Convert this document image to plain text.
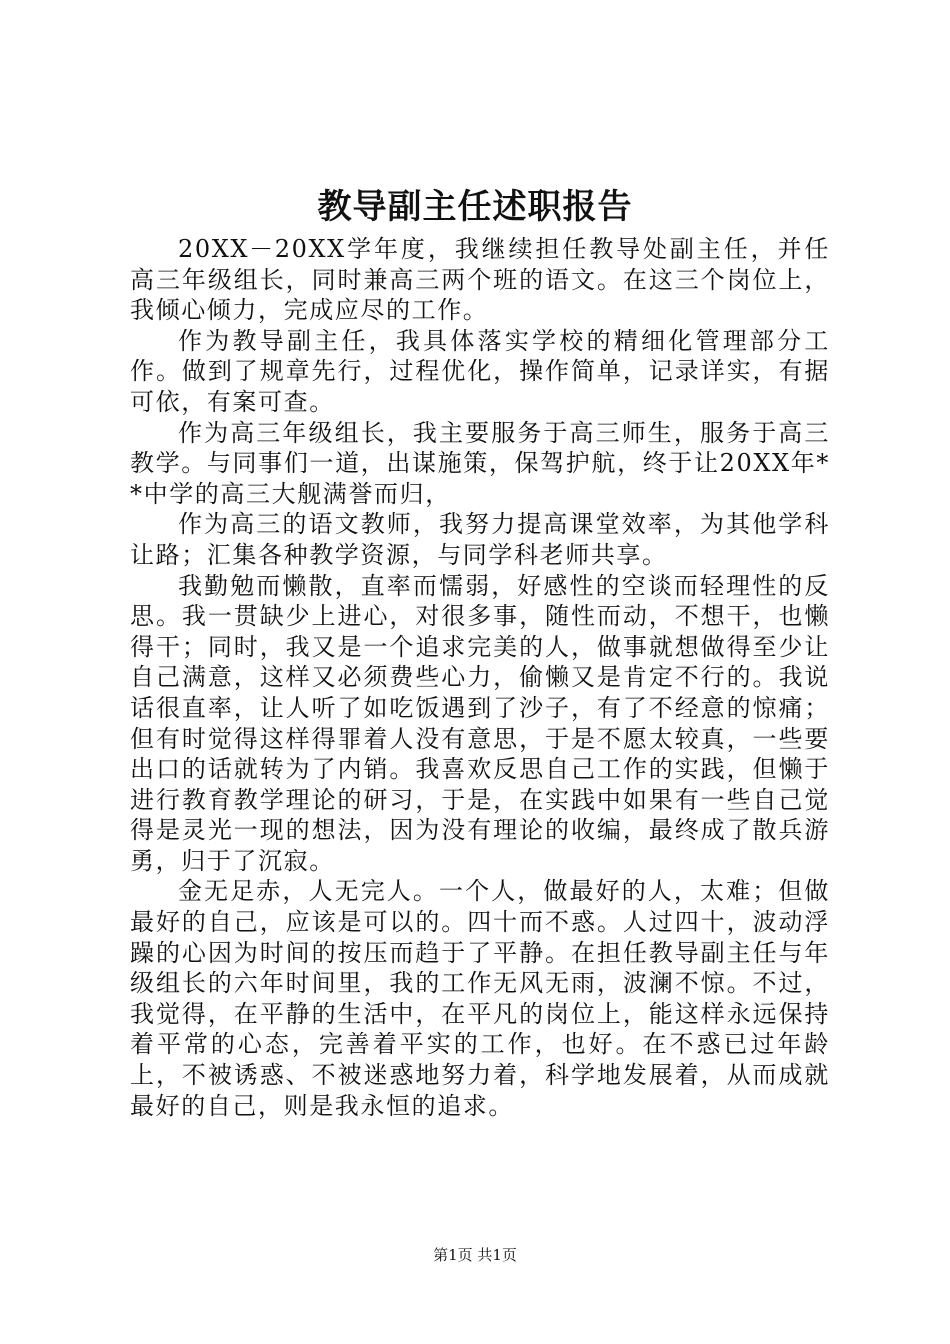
教导副主任述职报告

20XX－20XX学年度，我继续担任教导处副主任，并任高三年级组长，同时兼高三两个班的语文。在这三个岗位上，我倾心倾力，完成应尽的工作。

作为教导副主任，我具体落实学校的精细化管理部分工作。做到了规章先行，过程优化，操作简单，记录详实，有据可依，有案可查。

作为高三年级组长，我主要服务于高三师生，服务于高三教学。与同事们一道，出谋施策，保驾护航，终于让20XX年**中学的高三大舰满誉而归，

作为高三的语文教师，我努力提高课堂效率，为其他学科让路；汇集各种教学资源，与同学科老师共享。

我勤勉而懒散，直率而懦弱，好感性的空谈而轻理性的反思。我一贯缺少上进心，对很多事，随性而动，不想干，也懒得干；同时，我又是一个追求完美的人，做事就想做得至少让自己满意，这样又必须费些心力，偷懒又是肯定不行的。我说话很直率，让人听了如吃饭遇到了沙子，有了不经意的惊痛；但有时觉得这样得罪着人没有意思，于是不愿太较真，一些要出口的话就转为了内销。我喜欢反思自己工作的实践，但懒于进行教育教学理论的研习，于是，在实践中如果有一些自己觉得是灵光一现的想法，因为没有理论的收编，最终成了散兵游勇，归于了沉寂。

金无足赤，人无完人。一个人，做最好的人，太难；但做最好的自己，应该是可以的。四十而不惑。人过四十，波动浮躁的心因为时间的按压而趋于了平静。在担任教导副主任与年级组长的六年时间里，我的工作无风无雨，波澜不惊。不过，我觉得，在平静的生活中，在平凡的岗位上，能这样永远保持着平常的心态，完善着平实的工作，也好。在不惑已过年龄上，不被诱惑、不被迷惑地努力着，科学地发展着，从而成就最好的自己，则是我永恒的追求。

第1页 共1页
